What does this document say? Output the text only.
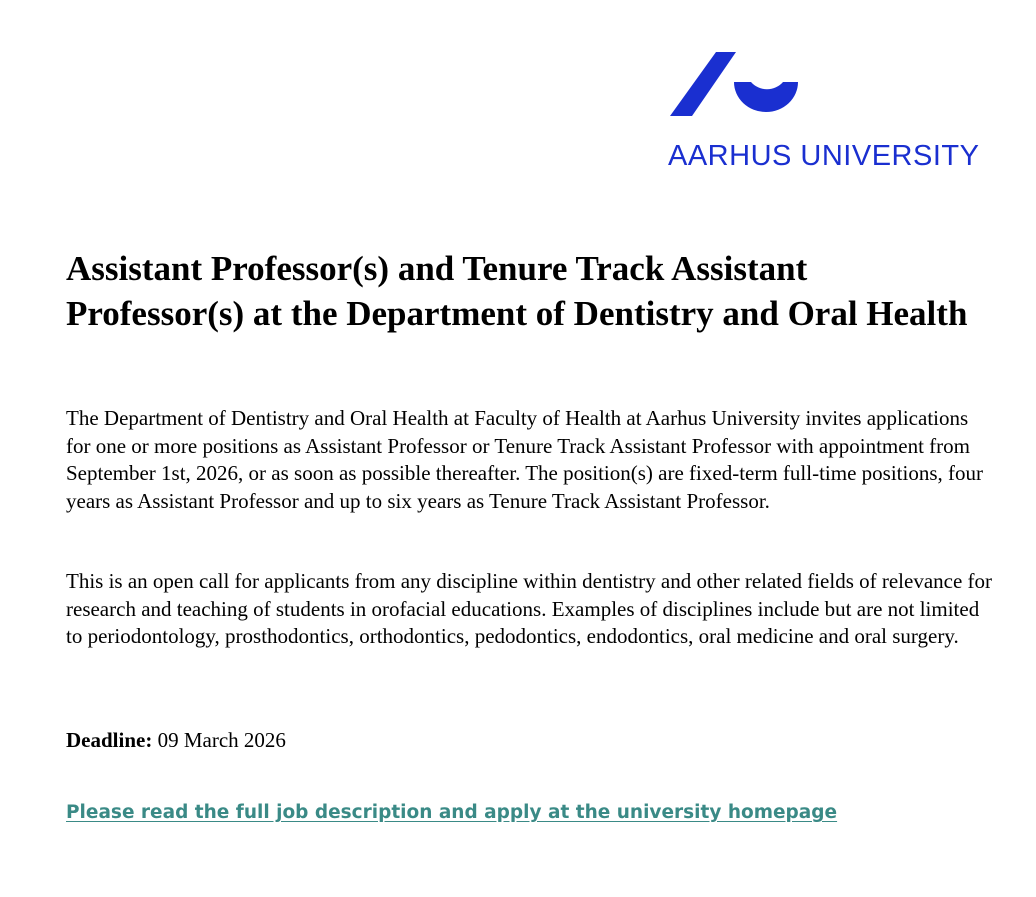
AARHUS UNIVERSITY
Assistant Professor(s) and Tenure Track Assistant Professor(s) at the Department of Dentistry and Oral Health

The Department of Dentistry and Oral Health at Faculty of Health at Aarhus University invites applications for one or more positions as Assistant Professor or Tenure Track Assistant Professor with appointment from September 1st, 2026, or as soon as possible thereafter. The position(s) are fixed-term full-time positions, four years as Assistant Professor and up to six years as Tenure Track Assistant Professor.

This is an open call for applicants from any discipline within dentistry and other related fields of relevance for research and teaching of students in orofacial educations. Examples of disciplines include but are not limited to periodontology, prosthodontics, orthodontics, pedodontics, endodontics, oral medicine and oral surgery.

Deadline: 09 March 2026

Please read the full job description and apply at the university homepage
